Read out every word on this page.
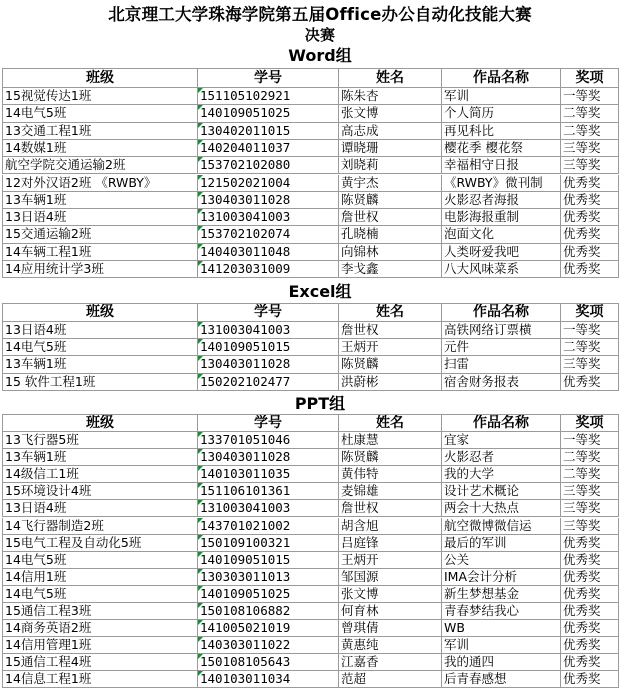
北京理工大学珠海学院第五届Office办公自动化技能大赛
决赛
Word组
班级	学号	姓名	作品名称	奖项
15视觉传达1班	151105102921	陈朱杏	军训	一等奖
14电气5班	140109051025	张文博	个人简历	二等奖
13交通工程1班	130402011015	高志成	再见科比	二等奖
14数媒1班	140204011037	谭晓珊	樱花季 樱花祭	三等奖
航空学院交通运输2班	153702102080	刘晓莉	幸福相守日报	三等奖
12对外汉语2班 《RWBY》	121502021004	黄宇杰	《RWBY》微刊制	优秀奖
13车辆1班	130403011028	陈贤麟	火影忍者海报	优秀奖
13日语4班	131003041003	詹世权	电影海报重制	优秀奖
15交通运输2班	153702102074	孔晓楠	泡面文化	优秀奖
14车辆工程1班	140403011048	向锦林	人类呀爱我吧	优秀奖
14应用统计学3班	141203031009	李戈鑫	八大风味菜系	优秀奖
Excel组
班级	学号	姓名	作品名称	奖项
13日语4班	131003041003	詹世权	高铁网络订票横	一等奖
14电气5班	140109051015	王炳开	元件	二等奖
13车辆1班	130403011028	陈贤麟	扫雷	三等奖
15 软件工程1班	150202102477	洪蔚彬	宿舍财务报表	优秀奖
PPT组
班级	学号	姓名	作品名称	奖项
13飞行器5班	133701051046	杜康慧	宜家	一等奖
13车辆1班	130403011028	陈贤麟	火影忍者	二等奖
14级信工1班	140103011035	黄伟特	我的大学	二等奖
15环境设计4班	151106101361	麦锦雄	设计艺术概论	三等奖
13日语4班	131003041003	詹世权	两会十大热点	三等奖
14飞行器制造2班	143701021002	胡含旭	航空微博微信运	三等奖
15电气工程及自动化5班	150109100321	吕庭锋	最后的军训	优秀奖
14电气5班	140109051015	王炳开	公关	优秀奖
14信用1班	130303011013	邹国源	IMA会计分析	优秀奖
14电气5班	140109051025	张文博	新生梦想基金	优秀奖
15通信工程3班	150108106882	何育林	青春梦结我心	优秀奖
14商务英语2班	141005021019	曾琪倩	WB	优秀奖
14信用管理1班	140303011022	黄惠纯	军训	优秀奖
15通信工程4班	150108105643	江嘉香	我的通四	优秀奖
14信息工程1班	140103011034	范超	后青春感想	优秀奖
